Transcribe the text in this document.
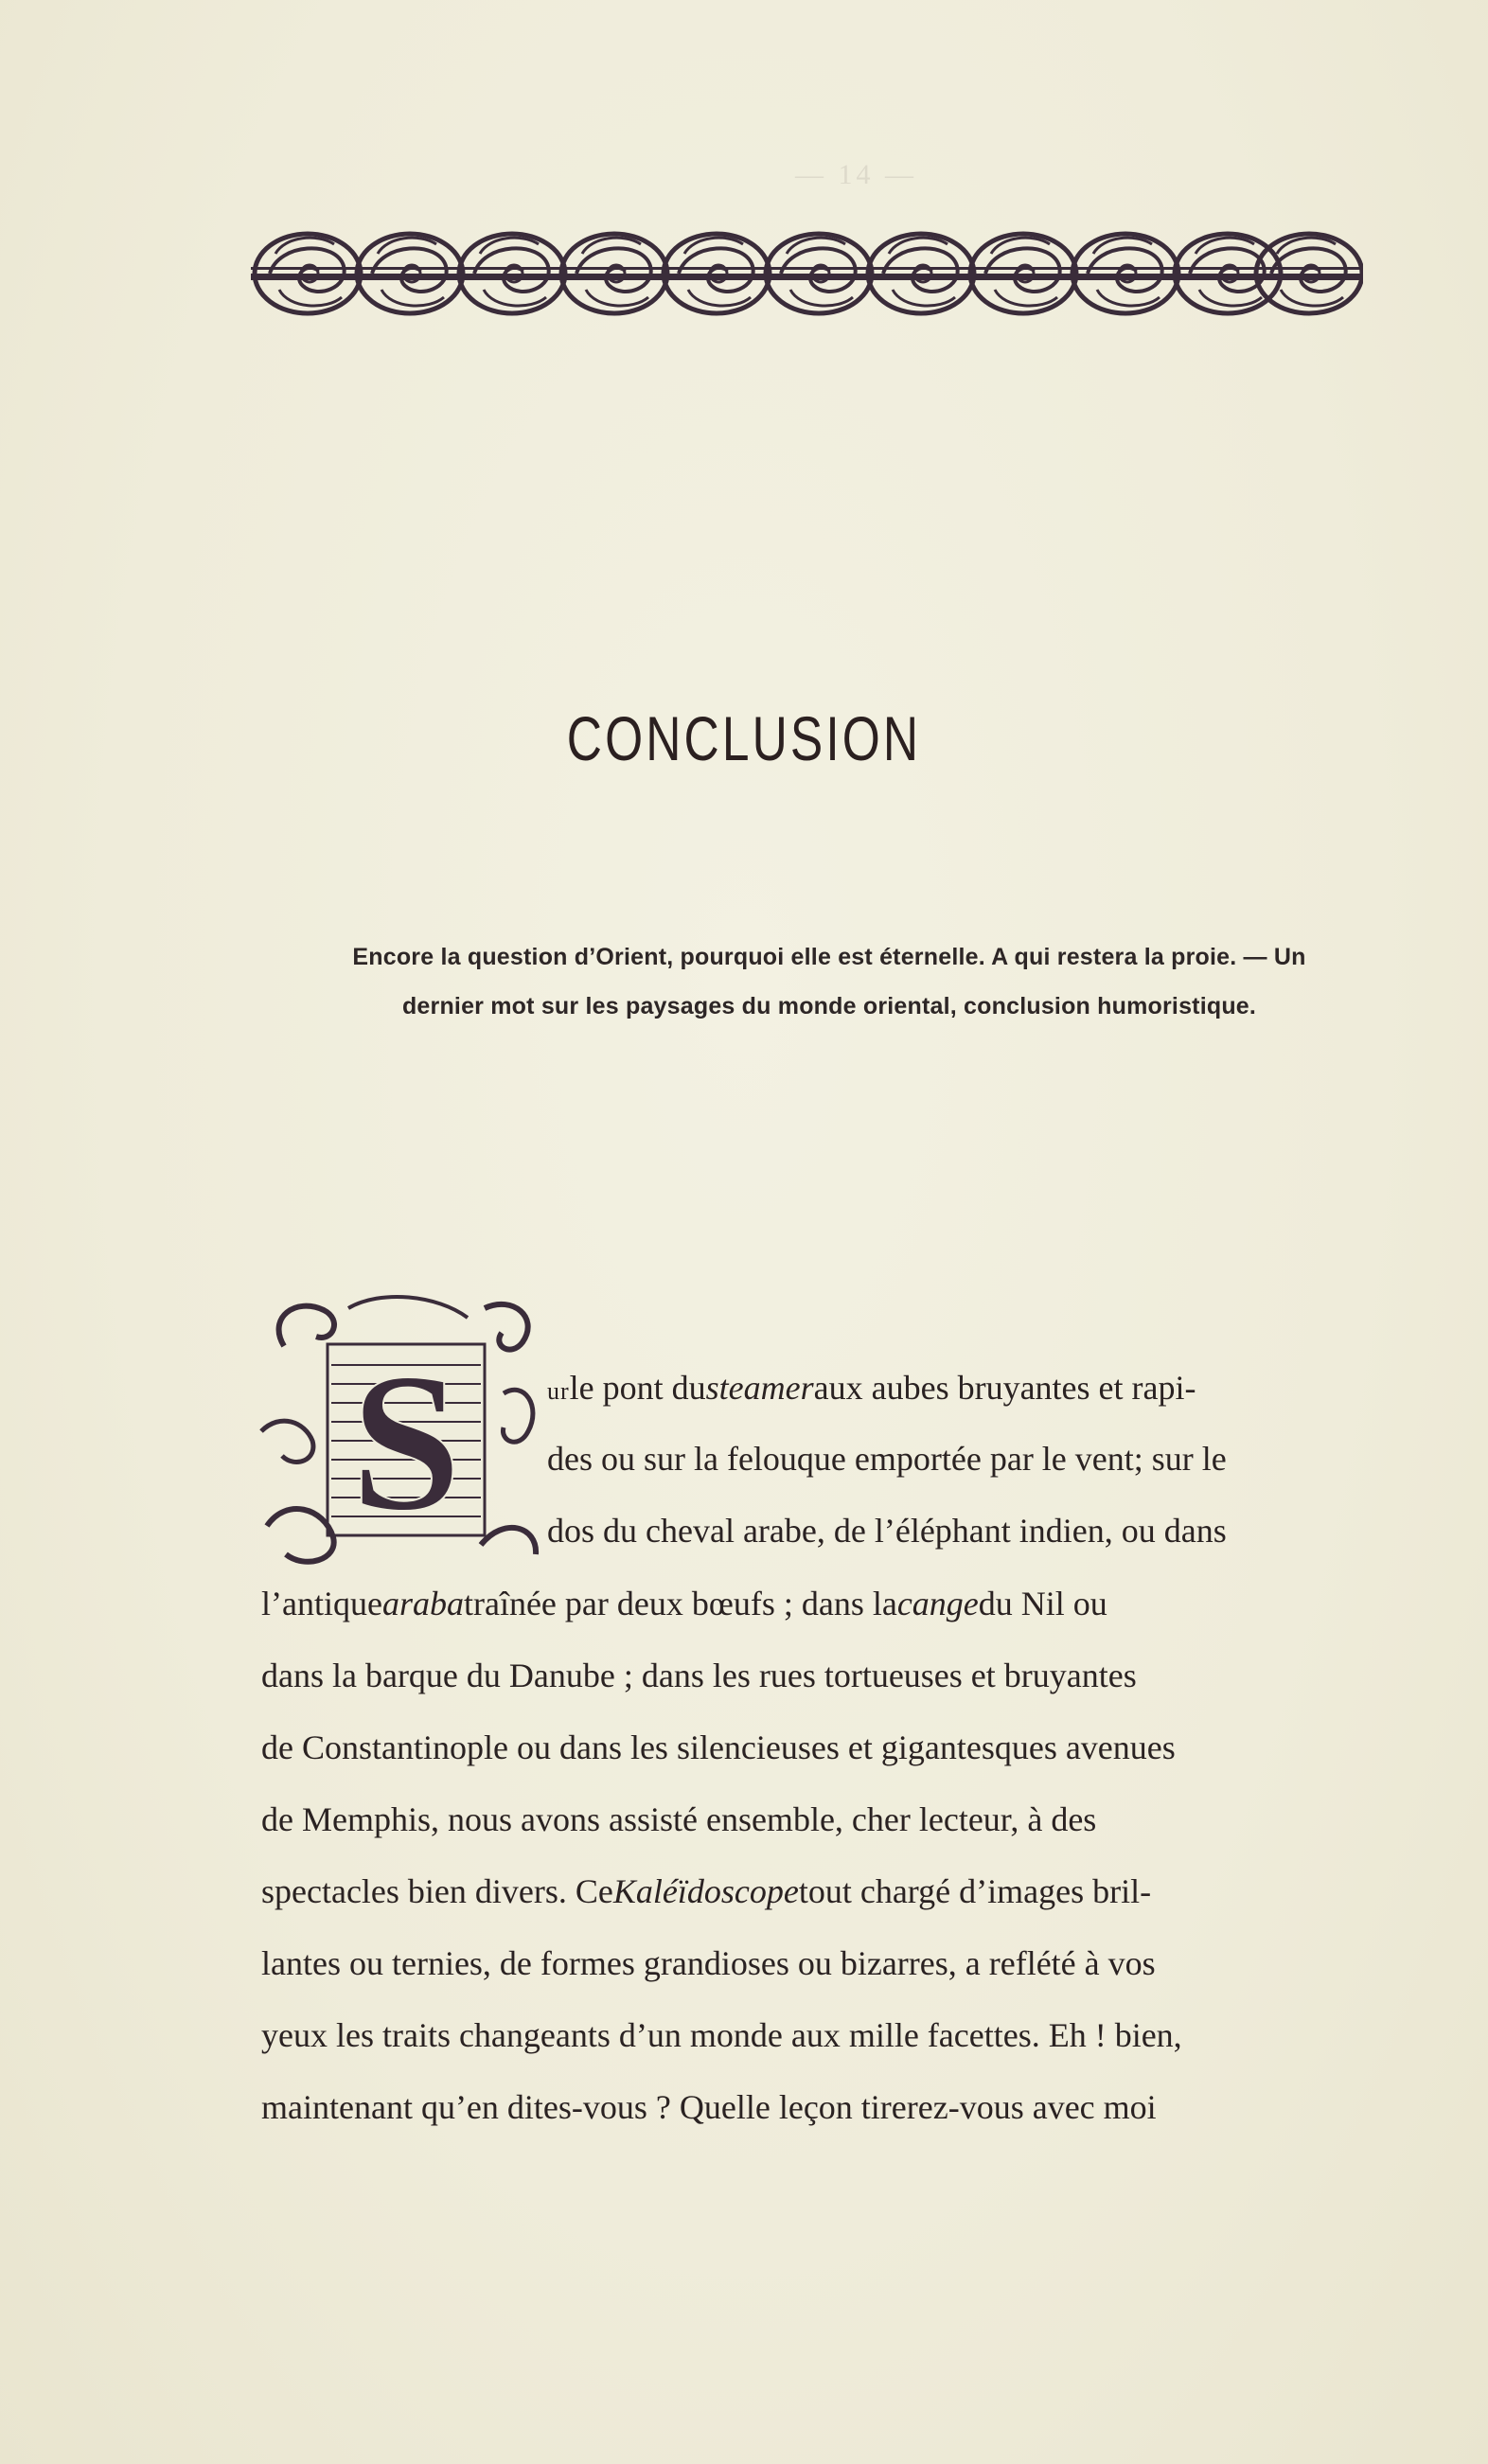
— 14 —
CONCLUSION
Encore la question d’Orient, pourquoi elle est éternelle. A qui restera la proie. — Un
dernier mot sur les paysages du monde oriental, conclusion humoristique.
S	urle pont dusteameraux aubes bruyantes et rapi-
des ou sur la felouque emportée par le vent; sur le
dos du cheval arabe, de l’éléphant indien, ou dans
l’antiquearabatraînée par deux bœufs ; dans lacangedu Nil ou
dans la barque du Danube ; dans les rues tortueuses et bruyantes
de Constantinople ou dans les silencieuses et gigantesques avenues
de Memphis, nous avons assisté ensemble, cher lecteur, à des
spectacles bien divers. CeKaléïdoscopetout chargé d’images bril-
lantes ou ternies, de formes grandioses ou bizarres, a reflété à vos
yeux les traits changeants d’un monde aux mille facettes. Eh ! bien,
maintenant qu’en dites-vous ? Quelle leçon tirerez-vous avec moi
